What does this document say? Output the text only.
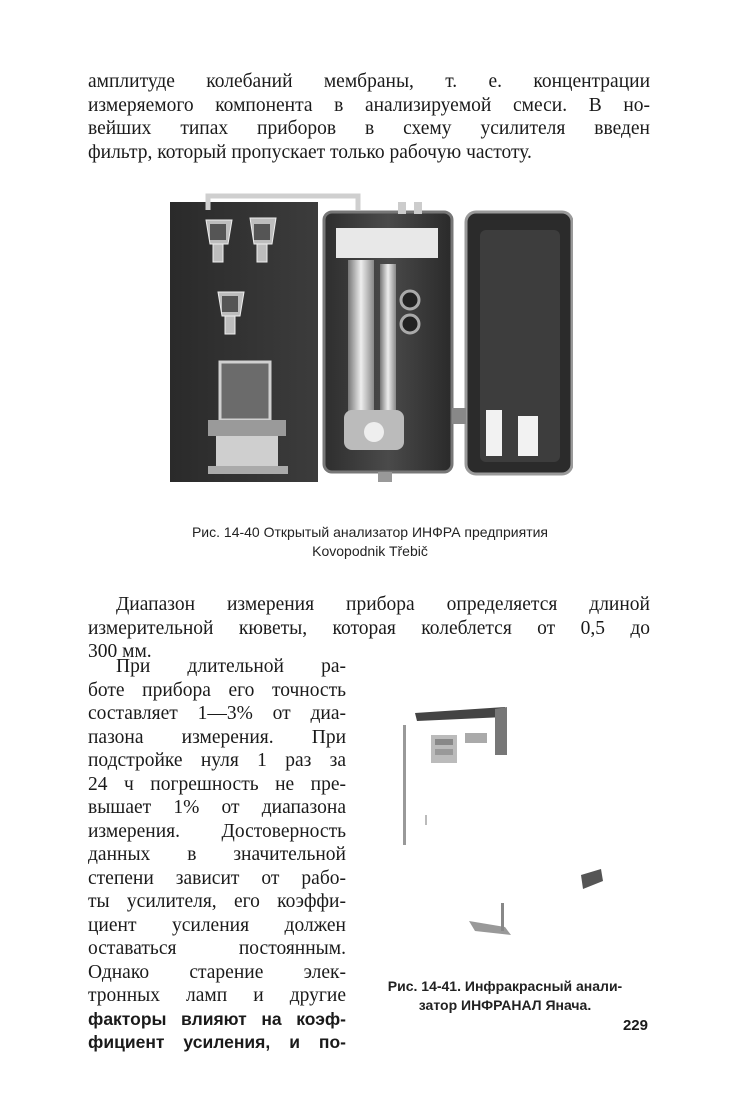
амплитуде колебаний мембраны, т. е. концентрации
измеряемого компонента в анализируемой смеси. В но-
вейших типах приборов в схему усилителя введен
фильтр, который пропускает только рабочую частоту.

Рис. 14-40 Открытый анализатор ИНФРА предприятия
Kovopodnik Třebič

Диапазон измерения прибора определяется длиной
измерительной кюветы, которая колеблется от 0,5 до
300 мм.

При длительной ра-
боте прибора его точность
составляет 1—3% от диа-
пазона измерения. При
подстройке нуля 1 раз за
24 ч погрешность не пре-
вышает 1% от диапазона
измерения. Достоверность
данных в значительной
степени зависит от рабо-
ты усилителя, его коэффи-
циент усиления должен
оставаться постоянным.
Однако старение элек-
тронных ламп и другие
факторы влияют на коэф-
фициент усиления, и по-

Рис. 14-41. Инфракрасный анали-
затор ИНФРАНАЛ Янача.
229
